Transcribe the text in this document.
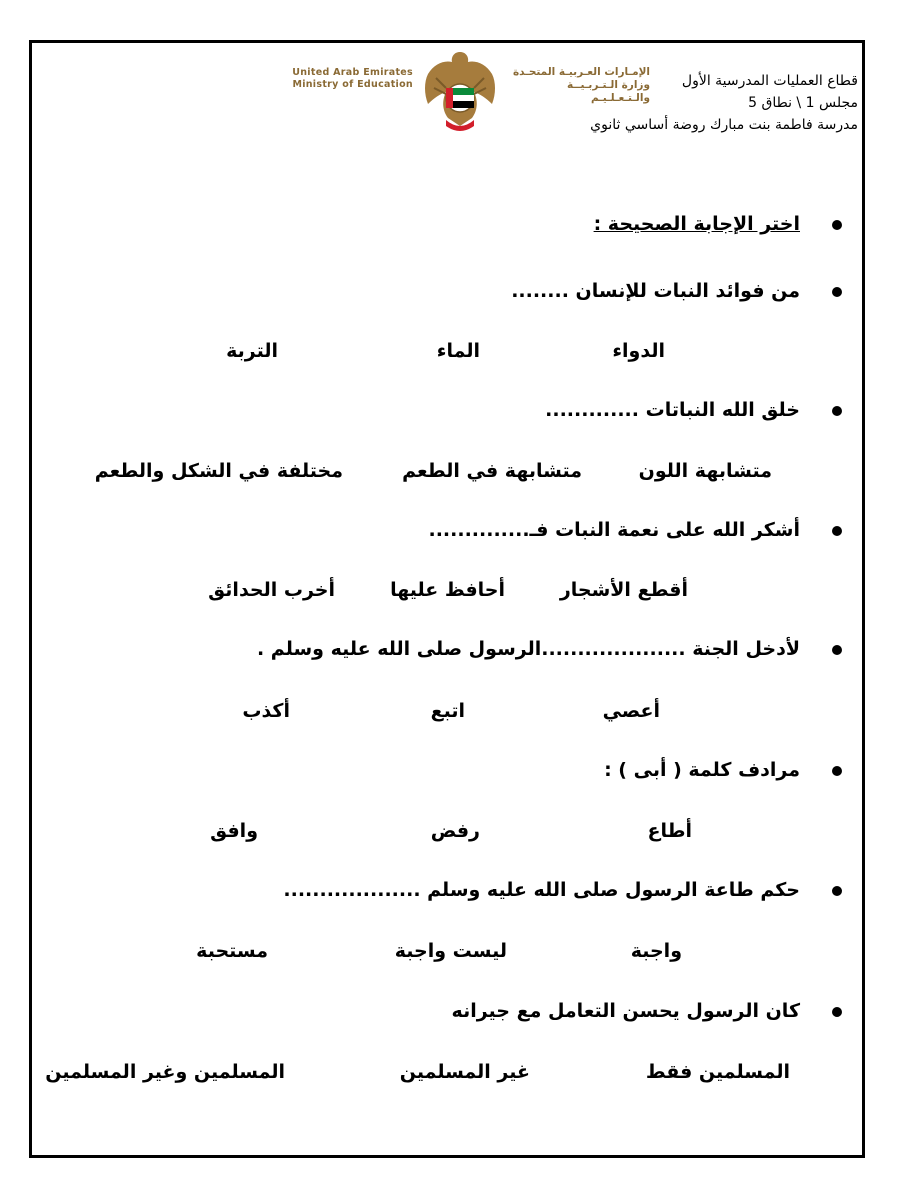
قطاع العمليات المدرسية الأول
مجلس 1 \ نطاق 5
مدرسة فاطمة بنت مبارك روضة أساسي ثانوي
الإمـارات العـربيـة المتحـدة
وزارة الـتـربـيــة والـتـعـلـيـم
United Arab Emirates
Ministry of Education
اختر الإجابة الصحيحة :
من فوائد النبات للإنسان ........
الدواء
الماء
التربة
خلق الله النباتات .............
متشابهة اللون
متشابهة في الطعم
مختلفة في الشكل والطعم
أشكر الله على نعمة النبات فـ..............
أقطع الأشجار
أحافظ عليها
أخرب الحدائق
لأدخل الجنة ....................الرسول صلى الله عليه وسلم .
أعصي
اتبع
أكذب
مرادف كلمة ( أبى ) :
أطاع
رفض
وافق
حكم طاعة الرسول صلى الله عليه وسلم ...................
واجبة
ليست واجبة
مستحبة
كان الرسول يحسن التعامل مع جيرانه
المسلمين فقط
غير المسلمين
المسلمين وغير المسلمين
